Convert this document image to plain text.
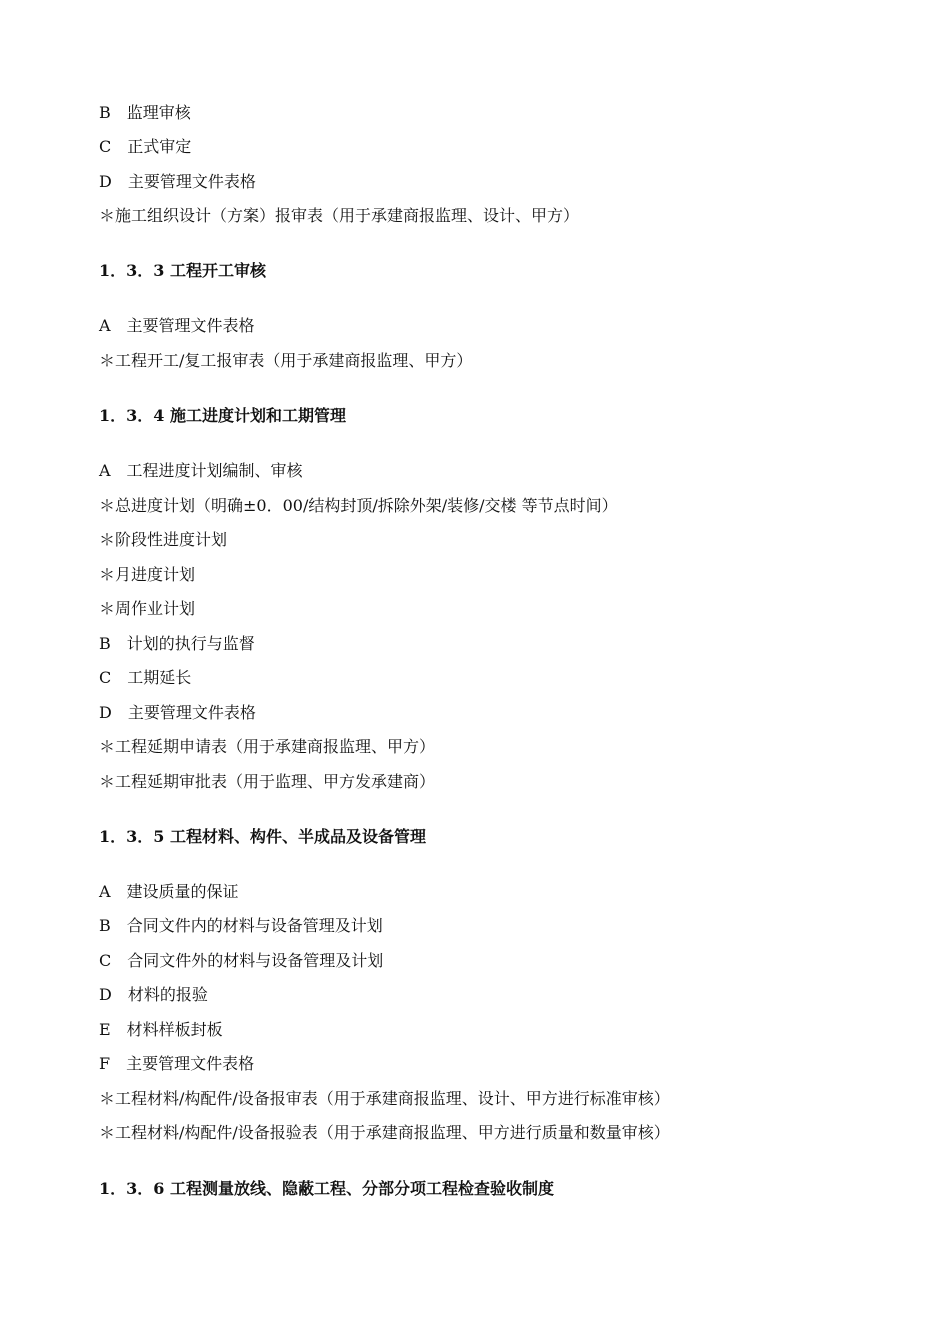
B　监理审核
C　正式审定
D　主要管理文件表格
＊施工组织设计（方案）报审表（用于承建商报监理、设计、甲方）
1．3．3 工程开工审核
A　主要管理文件表格
＊工程开工/复工报审表（用于承建商报监理、甲方）
1．3．4 施工进度计划和工期管理
A　工程进度计划编制、审核
＊总进度计划（明确±0．00/结构封顶/拆除外架/装修/交楼 等节点时间）
＊阶段性进度计划
＊月进度计划
＊周作业计划
B　计划的执行与监督
C　工期延长
D　主要管理文件表格
＊工程延期申请表（用于承建商报监理、甲方）
＊工程延期审批表（用于监理、甲方发承建商）
1．3．5 工程材料、构件、半成品及设备管理
A　建设质量的保证
B　合同文件内的材料与设备管理及计划
C　合同文件外的材料与设备管理及计划
D　材料的报验
E　材料样板封板
F　主要管理文件表格
＊工程材料/构配件/设备报审表（用于承建商报监理、设计、甲方进行标准审核）
＊工程材料/构配件/设备报验表（用于承建商报监理、甲方进行质量和数量审核）
1．3．6 工程测量放线、隐蔽工程、分部分项工程检查验收制度
